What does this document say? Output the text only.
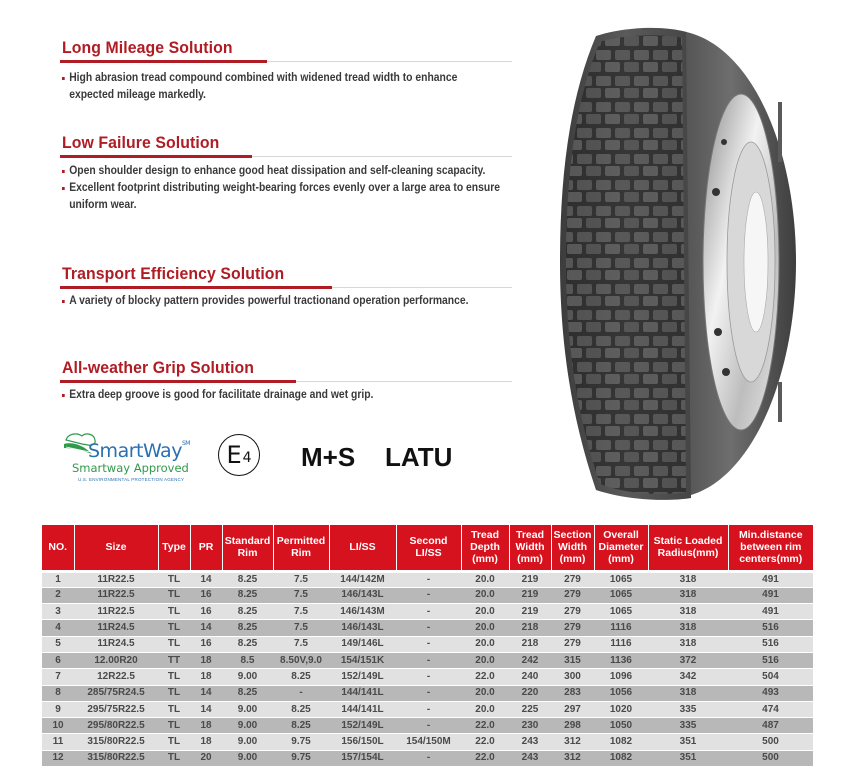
Long Mileage Solution
High abrasion tread compound combined with widened tread width to enhance expected mileage markedly.
Low Failure Solution
Open shoulder design to enhance good heat dissipation and self-cleaning scapacity.
Excellent footprint distributing weight-bearing forces evenly over a large area to ensure uniform wear.
Transport Efficiency Solution
A variety of blocky pattern provides powerful tractionand operation performance.
All-weather Grip Solution
Extra deep groove is good for facilitate drainage and wet grip.
SmartWay℠
Smartway Approved
U.S. ENVIRONMENTAL PROTECTION AGENCY
E 4 M+S LATU
NO.	Size	Type	PR	Standard Rim	Permitted Rim	LI/SS	Second LI/SS	Tread Depth (mm)	Tread Width (mm)	Section Width (mm)	Overall Diameter (mm)	Static Loaded Radius(mm)	Min.distance between rim centers(mm)
1	11R22.5	TL	14	8.25	7.5	144/142M	-	20.0	219	279	1065	318	491
2	11R22.5	TL	16	8.25	7.5	146/143L	-	20.0	219	279	1065	318	491
3	11R22.5	TL	16	8.25	7.5	146/143M	-	20.0	219	279	1065	318	491
4	11R24.5	TL	14	8.25	7.5	146/143L	-	20.0	218	279	1116	318	516
5	11R24.5	TL	16	8.25	7.5	149/146L	-	20.0	218	279	1116	318	516
6	12.00R20	TT	18	8.5	8.50V,9.0	154/151K	-	20.0	242	315	1136	372	516
7	12R22.5	TL	18	9.00	8.25	152/149L	-	22.0	240	300	1096	342	504
8	285/75R24.5	TL	14	8.25	-	144/141L	-	20.0	220	283	1056	318	493
9	295/75R22.5	TL	14	9.00	8.25	144/141L	-	20.0	225	297	1020	335	474
10	295/80R22.5	TL	18	9.00	8.25	152/149L	-	22.0	230	298	1050	335	487
11	315/80R22.5	TL	18	9.00	9.75	156/150L	154/150M	22.0	243	312	1082	351	500
12	315/80R22.5	TL	20	9.00	9.75	157/154L	-	22.0	243	312	1082	351	500
